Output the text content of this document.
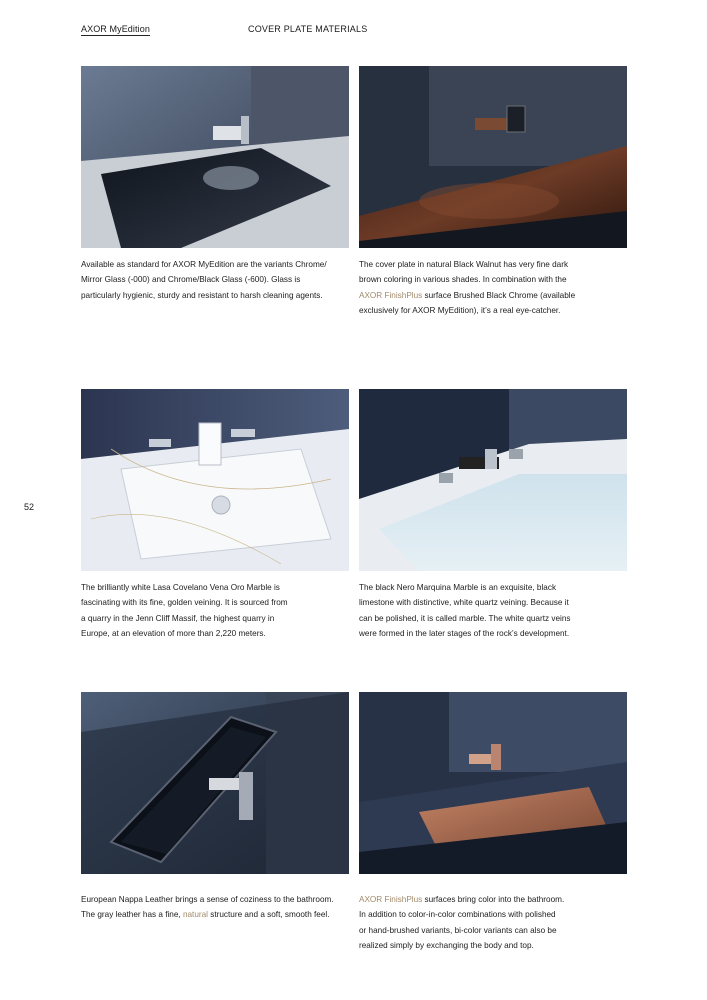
AXOR MyEdition	COVER PLATE MATERIALS
52

Available as standard for AXOR MyEdition are the variants Chrome/

Mirror Glass (-000) and Chrome/Black Glass (-600). Glass is

particularly hygienic, sturdy and resistant to harsh cleaning agents.

The cover plate in natural Black Walnut has very fine dark

brown coloring in various shades. In combination with the

AXOR FinishPlus surface Brushed Black Chrome (available

exclusively for AXOR MyEdition), it’s a real eye-catcher.

The brilliantly white Lasa Covelano Vena Oro Marble is

fascinating with its fine, golden veining. It is sourced from

a quarry in the Jenn Cliff Massif, the highest quarry in

Europe, at an elevation of more than 2,220 meters.

The black Nero Marquina Marble is an exquisite, black

limestone with distinctive, white quartz veining. Because it

can be polished, it is called marble. The white quartz veins

were formed in the later stages of the rock’s development.

European Nappa Leather brings a sense of coziness to the bathroom.

The gray leather has a fine, natural structure and a soft, smooth feel.

AXOR FinishPlus surfaces bring color into the bathroom.

In addition to color-in-color combinations with polished

or hand-brushed variants, bi-color variants can also be

realized simply by exchanging the body and top.
